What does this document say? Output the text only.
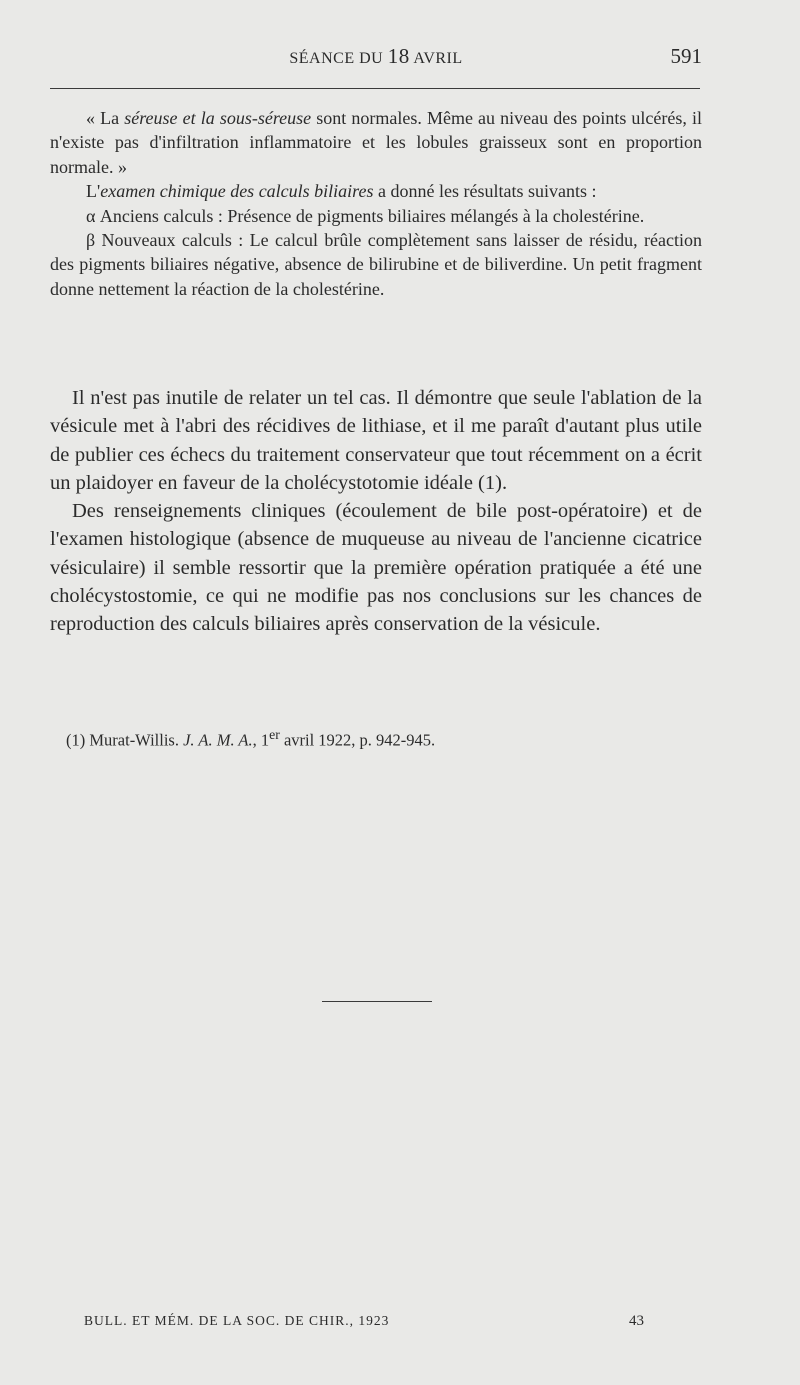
SÉANCE DU 18 AVRIL	591

« La séreuse et la sous-séreuse sont normales. Même au niveau des points ulcérés, il n'existe pas d'infiltration inflammatoire et les lobules graisseux sont en proportion normale. »

L'examen chimique des calculs biliaires a donné les résultats suivants :

α Anciens calculs : Présence de pigments biliaires mélangés à la cholestérine.

β Nouveaux calculs : Le calcul brûle complètement sans laisser de résidu, réaction des pigments biliaires négative, absence de bilirubine et de biliverdine. Un petit fragment donne nettement la réaction de la cholestérine.

Il n'est pas inutile de relater un tel cas. Il démontre que seule l'ablation de la vésicule met à l'abri des récidives de lithiase, et il me paraît d'autant plus utile de publier ces échecs du traitement conservateur que tout récemment on a écrit un plaidoyer en faveur de la cholécystotomie idéale (1).

Des renseignements cliniques (écoulement de bile post-opératoire) et de l'examen histologique (absence de muqueuse au niveau de l'ancienne cicatrice vésiculaire) il semble ressortir que la première opération pratiquée a été une cholécystostomie, ce qui ne modifie pas nos conclusions sur les chances de reproduction des calculs biliaires après conservation de la vésicule.

(1) Murat-Willis. J. A. M. A., 1er avril 1922, p. 942-945.
BULL. ET MÉM. DE LA SOC. DE CHIR., 1923	43
